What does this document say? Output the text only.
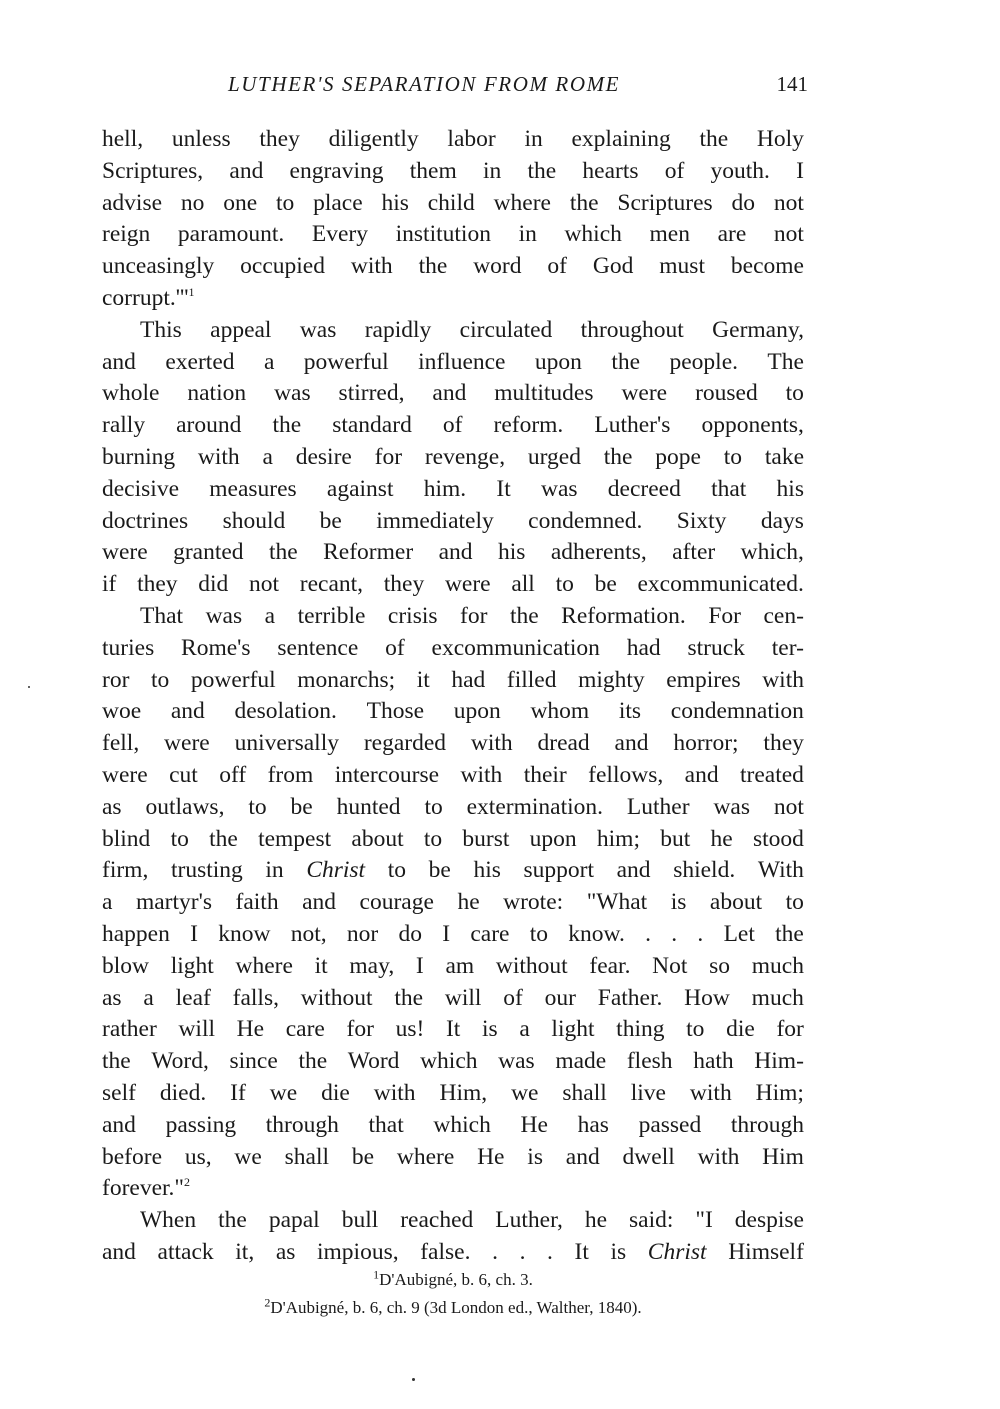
LUTHER'S SEPARATION FROM ROME	141
hell, unless they diligently labor in explaining the Holy
Scriptures, and engraving them in the hearts of youth. I
advise no one to place his child where the Scriptures do not
reign paramount. Every institution in which men are not
unceasingly occupied with the word of God must become
$corrupt.'''^1$
This appeal was rapidly circulated throughout Germany,
and exerted a powerful influence upon the people. The
whole nation was stirred, and multitudes were roused to
rally around the standard of reform. Luther's opponents,
burning with a desire for revenge, urged the pope to take
decisive measures against him. It was decreed that his
doctrines should be immediately condemned. Sixty days
were granted the Reformer and his adherents, after which,
if they did not recant, they were all to be excommunicated.
That was a terrible crisis for the Reformation. For cen-
turies Rome's sentence of excommunication had struck ter-
ror to powerful monarchs; it had filled mighty empires with
woe and desolation. Those upon whom its condemnation
fell, were universally regarded with dread and horror; they
were cut off from intercourse with their fellows, and treated
as outlaws, to be hunted to extermination. Luther was not
blind to the tempest about to burst upon him; but he stood
firm, trusting in Christ to be his support and shield. With
a martyr's faith and courage he wrote: "What is about to
happen I know not, nor do I care to know. . . . Let the
blow light where it may, I am without fear. Not so much
as a leaf falls, without the will of our Father. How much
rather will He care for us! It is a light thing to die for
the Word, since the Word which was made flesh hath Him-
self died. If we die with Him, we shall live with Him;
and passing through that which He has passed through
before us, we shall be where He is and dwell with Him
forever."$^2$
When the papal bull reached Luther, he said: "I despise
and attack it, as impious, false. . . . It is Christ Himself
$^1$D'Aubigné, b. 6, ch. 3.
$^2$D'Aubigné, b. 6, ch. 9 (3d London ed., Walther, 1840).
